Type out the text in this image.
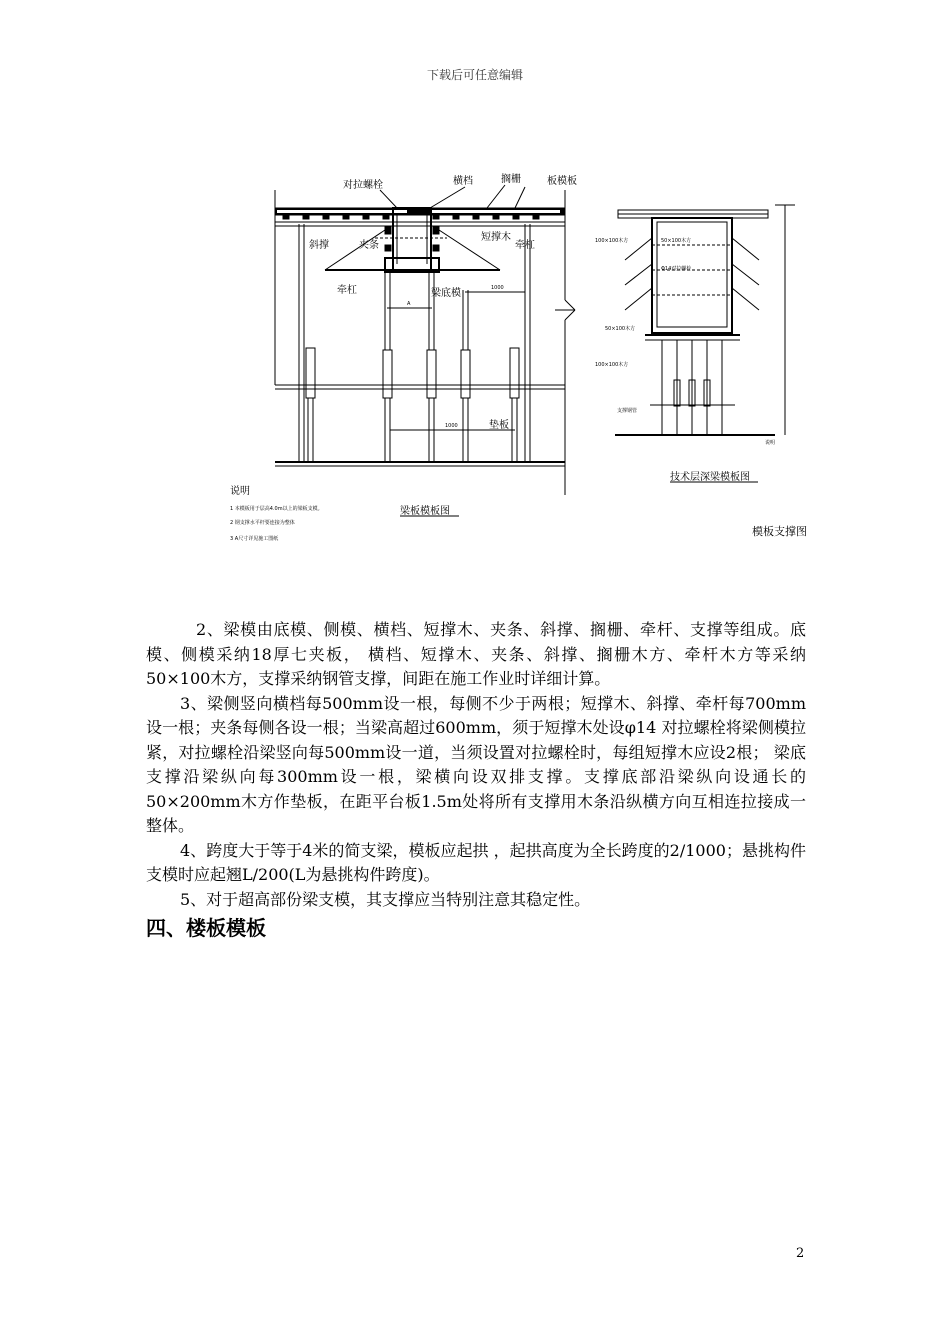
下载后可任意编辑
对拉螺栓	横档	搁栅	板模板
斜撑	夹条
短撑木
牵杠
牵杠	梁底模
A
1000
1000	垫板
说明
1 本模板用于层高4.0m以上的梁板支模。
2 钢支撑水平杆要连接为整体
3 A尺寸详见施工图纸
梁板模板图
100×100木方	50×100木方
Φ14对拉螺栓
50×100木方
100×100木方
支撑钢管
说明
技术层深梁模板图
模板支撑图

2、梁模由底模、侧模、横档、短撑木、夹条、斜撑、搁栅、牵杆、支撑等组成。底模、侧模采纳18厚七夹板， 横档、短撑木、夹条、斜撑、搁栅木方、牵杆木方等采纳50×100木方，支撑采纳钢管支撑，间距在施工作业时详细计算。

3、梁侧竖向横档每500mm设一根，每侧不少于两根；短撑木、斜撑、牵杆每700mm设一根；夹条每侧各设一根；当梁高超过600mm，须于短撑木处设φ14 对拉螺栓将梁侧模拉紧，对拉螺栓沿梁竖向每500mm设一道，当须设置对拉螺栓时，每组短撑木应设2根； 梁底支撑沿梁纵向每300mm设一根，梁横向设双排支撑。支撑底部沿梁纵向设通长的50×200mm木方作垫板，在距平台板1.5m处将所有支撑用木条沿纵横方向互相连拉接成一整体。

4、跨度大于等于4米的简支梁，模板应起拱 ，起拱高度为全长跨度的2/1000；悬挑构件支模时应起翘L/200(L为悬挑构件跨度)。

5、对于超高部份梁支模，其支撑应当特别注意其稳定性。

四、楼板模板
2
